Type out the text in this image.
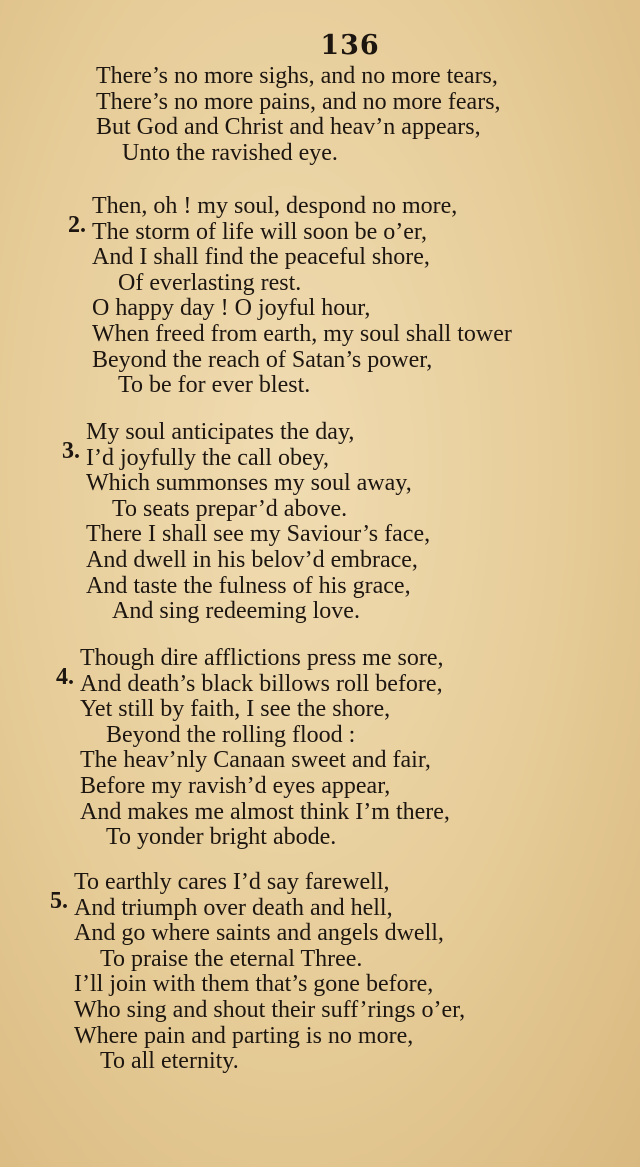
136
There’s no more sighs, and no more tears,
There’s no more pains, and no more fears,
But God and Christ and heav’n appears,
Unto the ravished eye.
2.
Then, oh ! my soul, despond no more,
The storm of life will soon be o’er,
And I shall find the peaceful shore,
Of everlasting rest.
O happy day ! O joyful hour,
When freed from earth, my soul shall tower
Beyond the reach of Satan’s power,
To be for ever blest.
3.
My soul anticipates the day,
I’d joyfully the call obey,
Which summonses my soul away,
To seats prepar’d above.
There I shall see my Saviour’s face,
And dwell in his belov’d embrace,
And taste the fulness of his grace,
And sing redeeming love.
4.
Though dire afflictions press me sore,
And death’s black billows roll before,
Yet still by faith, I see the shore,
Beyond the rolling flood :
The heav’nly Canaan sweet and fair,
Before my ravish’d eyes appear,
And makes me almost think I’m there,
To yonder bright abode.
5.
To earthly cares I’d say farewell,
And triumph over death and hell,
And go where saints and angels dwell,
To praise the eternal Three.
I’ll join with them that’s gone before,
Who sing and shout their suff’rings o’er,
Where pain and parting is no more,
To all eternity.
